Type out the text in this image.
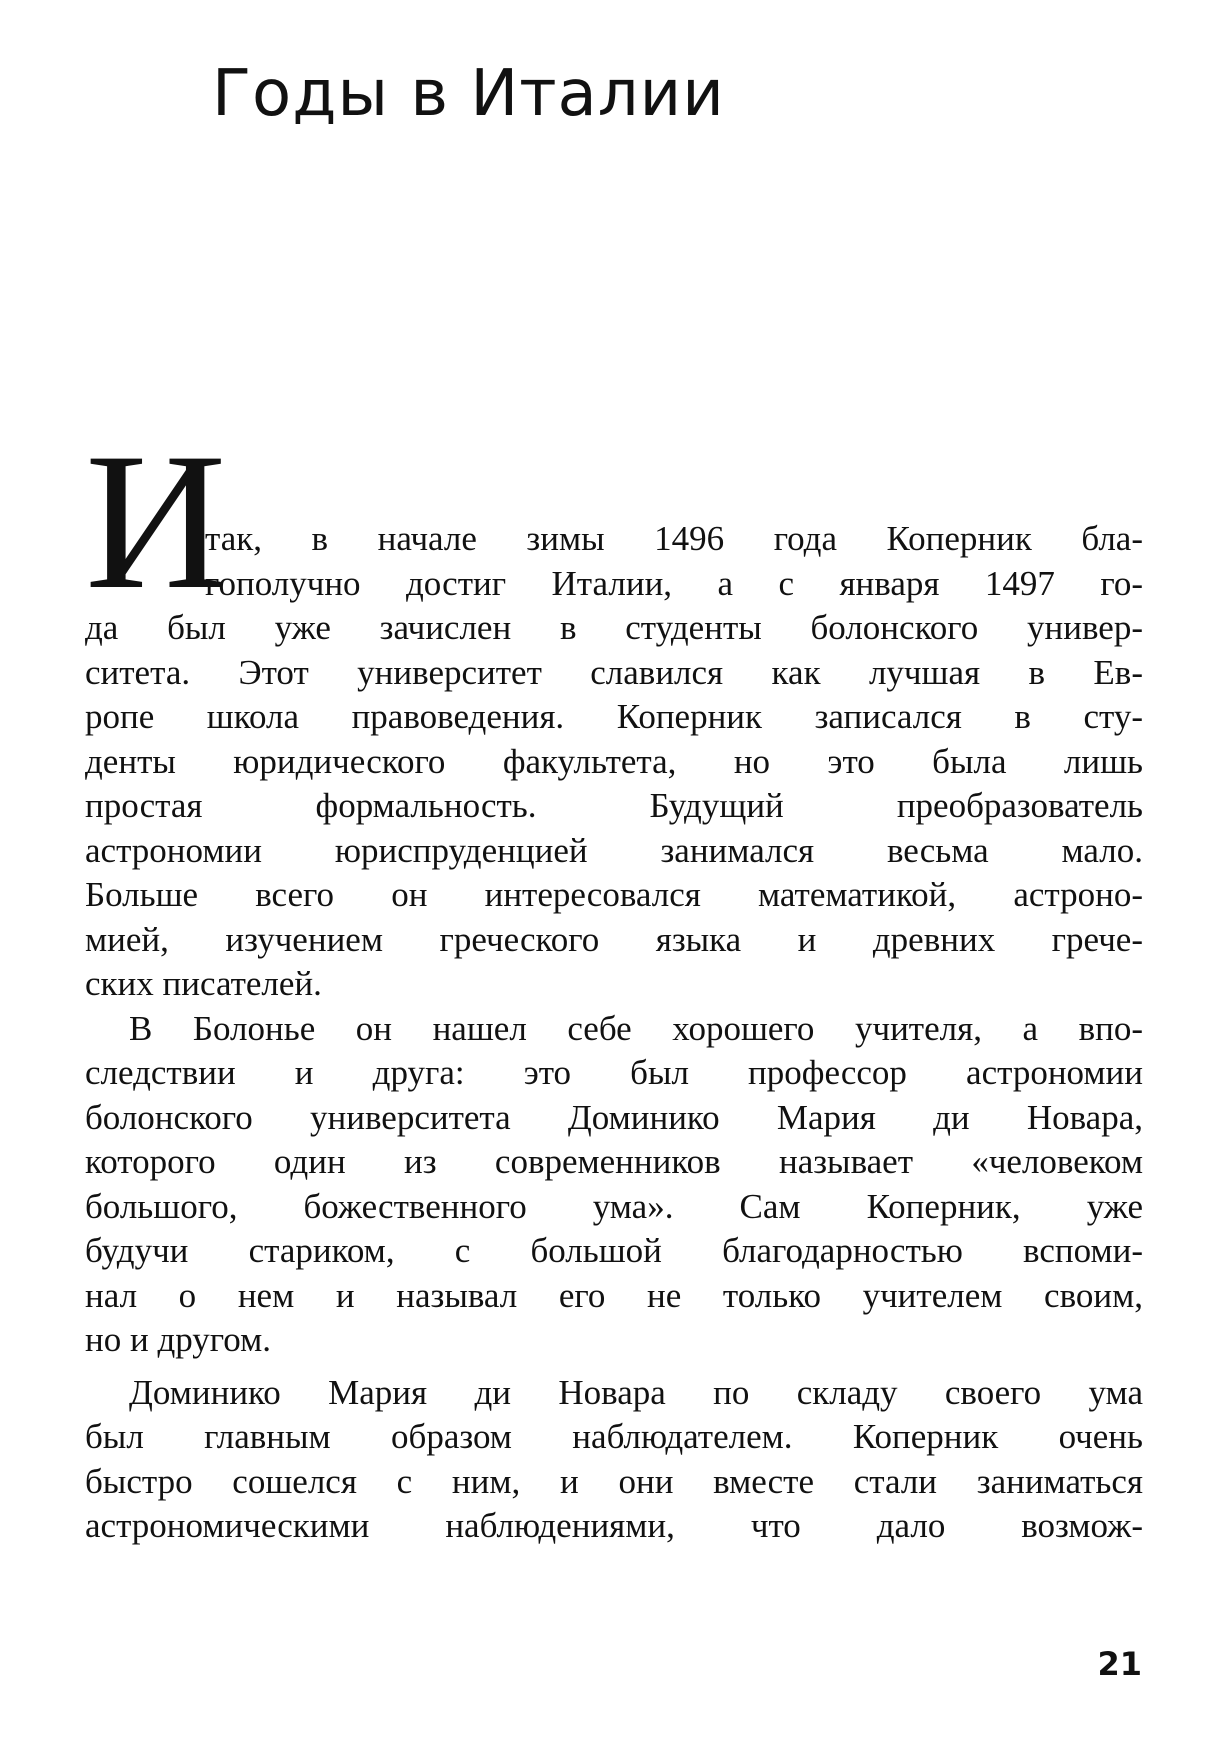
Годы в Италии
И
так, в начале зимы 1496 года Коперник бла-
гополучно достиг Италии, а с января 1497 го-
да был уже зачислен в студенты болонского универ-
ситета. Этот университет славился как лучшая в Ев-
ропе школа правоведения. Коперник записался в сту-
денты юридического факультета, но это была лишь
простая формальность. Будущий преобразователь
астрономии юриспруденцией занимался весьма мало.
Больше всего он интересовался математикой, астроно-
мией, изучением греческого языка и древних грече-
ских писателей.
В Болонье он нашел себе хорошего учителя, а впо-
следствии и друга: это был профессор астрономии
болонского университета Доминико Мария ди Новара,
которого один из современников называет «человеком
большого, божественного ума». Сам Коперник, уже
будучи стариком, с большой благодарностью вспоми-
нал о нем и называл его не только учителем своим,
но и другом.
Доминико Мария ди Новара по складу своего ума
был главным образом наблюдателем. Коперник очень
быстро сошелся с ним, и они вместе стали заниматься
астрономическими наблюдениями, что дало возмож-
21
